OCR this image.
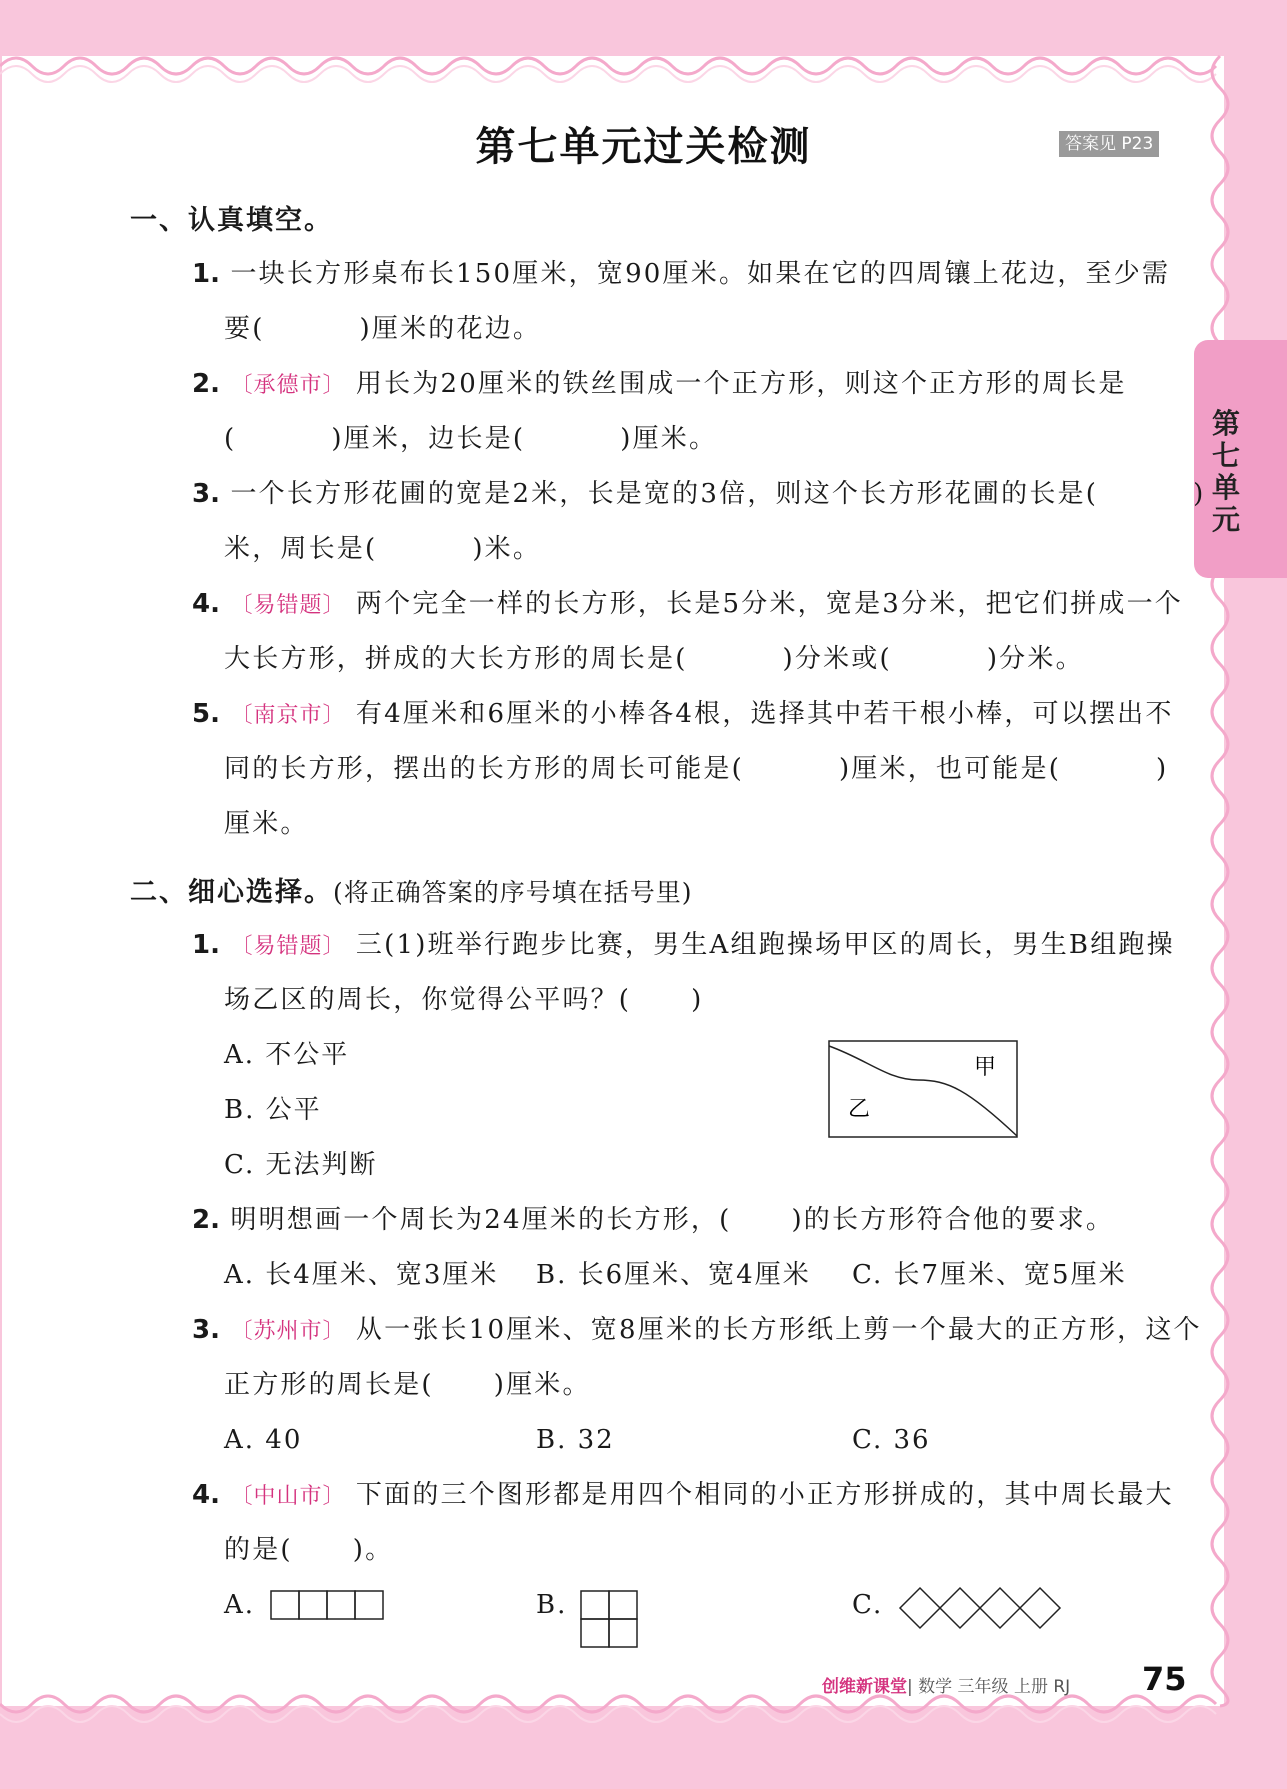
第七单元过关检测	答案见 P23
第七单元
一、认真填空。
1. 一块长方形桌布长150厘米，宽90厘米。如果在它的四周镶上花边，至少需
要(	)厘米的花边。
2. 〔承德市〕 用长为20厘米的铁丝围成一个正方形，则这个正方形的周长是
(	)厘米，边长是(	)厘米。
3. 一个长方形花圃的宽是2米，长是宽的3倍，则这个长方形花圃的长是(	)
米，周长是(	)米。
4. 〔易错题〕 两个完全一样的长方形，长是5分米，宽是3分米，把它们拼成一个
大长方形，拼成的大长方形的周长是(	)分米或(	)分米。
5. 〔南京市〕 有4厘米和6厘米的小棒各4根，选择其中若干根小棒，可以摆出不
同的长方形，摆出的长方形的周长可能是(	)厘米，也可能是(	)
厘米。
二、细心选择。(将正确答案的序号填在括号里)
1. 〔易错题〕 三(1)班举行跑步比赛，男生A组跑操场甲区的周长，男生B组跑操
场乙区的周长，你觉得公平吗？( )
A. 不公平
B. 公平
C. 无法判断
甲
乙
2. 明明想画一个周长为24厘米的长方形，( )的长方形符合他的要求。
A. 长4厘米、宽3厘米 B. 长6厘米、宽4厘米 C. 长7厘米、宽5厘米
3. 〔苏州市〕 从一张长10厘米、宽8厘米的长方形纸上剪一个最大的正方形，这个
正方形的周长是( )厘米。
A. 40	B. 32	C. 36
4. 〔中山市〕 下面的三个图形都是用四个相同的小正方形拼成的，其中周长最大
的是( )。
A.	B.	C.
创维新课堂| 数学 三年级 上册 RJ 75
